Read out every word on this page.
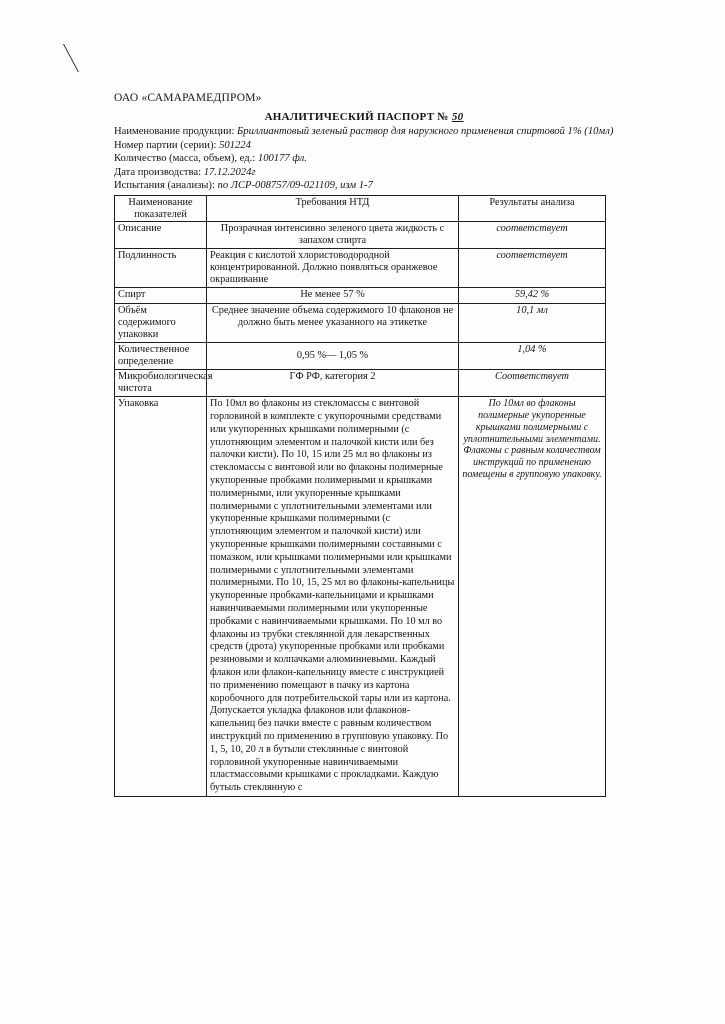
ОАО «САМАРАМЕДПРОМ»
АНАЛИТИЧЕСКИЙ ПАСПОРТ № 50
Наименование продукции: Бриллиантовый зеленый раствор для наружного применения спиртовой 1% (10мл)
Номер партии (серии): 501224
Количество (масса, объем), ед.: 100177 фл.
Дата производства: 17.12.2024г
Испытания (анализы): по ЛСР-008757/09-021109, изм 1-7
Наименование показателей	Требования НТД	Результаты анализа
Описание	Прозрачная интенсивно зеленого цвета жидкость с запахом спирта	соответствует
Подлинность	Реакция с кислотой хлористоводородной концентрированной. Должно появляться оранжевое окрашивание	соответствует
Спирт	Не менее 57 %	59,42 %
Объём содержимого упаковки	Среднее значение объема содержимого 10 флаконов не должно быть менее указанного на этикетке	10,1 мл
Количественное определение	0,95 %— 1,05 %	1,04 %
Микробиологическая чистота	ГФ РФ, категория 2	Соответствует
Упаковка	По 10мл во флаконы из стекломассы с винтовой горловиной в комплекте с укупорочными средствами или укупоренных крышками полимерными (с уплотняющим элементом и палочкой кисти или без палочки кисти). По 10, 15 или 25 мл во флаконы из стекломассы с винтовой или во флаконы полимерные укупоренные пробками полимерными и крышками полимерными, или укупоренные крышками полимерными с уплотнительными элементами или укупоренные крышками полимерными (с уплотняющим элементом и палочкой кисти) или укупоренные крышками полимерными составными с помазком, или крышками полимерными или крышками полимерными с уплотнительными элементами полимерными. По 10, 15, 25 мл во флаконы-капельницы укупоренные пробками-капельницами и крышками навинчиваемыми полимерными или укупоренные пробками с навинчиваемыми крышками. По 10 мл во флаконы из трубки стеклянной для лекарственных средств (дрота) укупоренные пробками или пробками резиновыми и колпачками алюминиевыми. Каждый флакон или флакон-капельницу вместе с инструкцией по применению помещают в пачку из картона коробочного для потребительской тары или из картона. Допускается укладка флаконов или флаконов-капельниц без пачки вместе с равным количеством инструкций по применению в групповую упаковку. По 1, 5, 10, 20 л в бутыли стеклянные с винтовой горловиной укупоренные навинчиваемыми пластмассовыми крышками с прокладками. Каждую бутыль стеклянную с	По 10мл во флаконы полимерные укупоренные крышками полимерными с уплотнительными элементами. Флаконы с равным количеством инструкций по применению помещены в групповую упаковку.
